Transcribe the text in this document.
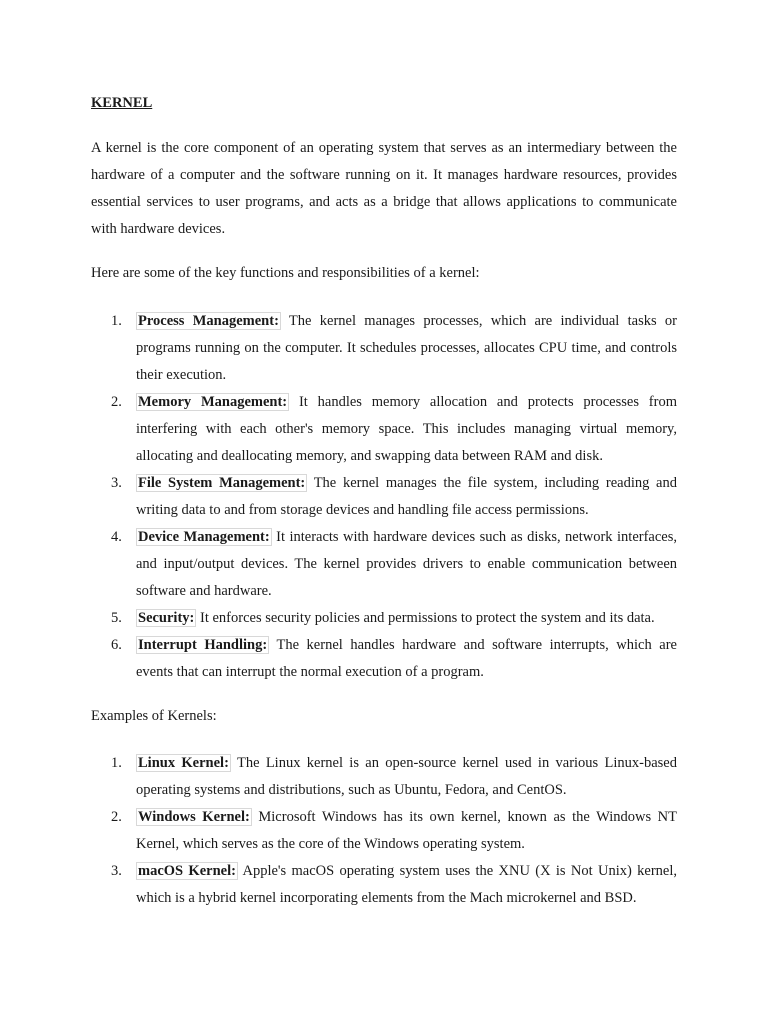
KERNEL

A kernel is the core component of an operating system that serves as an intermediary between the hardware of a computer and the software running on it. It manages hardware resources, provides essential services to user programs, and acts as a bridge that allows applications to communicate with hardware devices.

Here are some of the key functions and responsibilities of a kernel:

1.	Process Management: The kernel manages processes, which are individual tasks or programs running on the computer. It schedules processes, allocates CPU time, and controls their execution.
2.	Memory Management: It handles memory allocation and protects processes from interfering with each other's memory space. This includes managing virtual memory, allocating and deallocating memory, and swapping data between RAM and disk.
3.	File System Management: The kernel manages the file system, including reading and writing data to and from storage devices and handling file access permissions.
4.	Device Management: It interacts with hardware devices such as disks, network interfaces, and input/output devices. The kernel provides drivers to enable communication between software and hardware.
5.	Security: It enforces security policies and permissions to protect the system and its data.
6.	Interrupt Handling: The kernel handles hardware and software interrupts, which are events that can interrupt the normal execution of a program.

Examples of Kernels:

1.	Linux Kernel: The Linux kernel is an open-source kernel used in various Linux-based operating systems and distributions, such as Ubuntu, Fedora, and CentOS.
2.	Windows Kernel: Microsoft Windows has its own kernel, known as the Windows NT Kernel, which serves as the core of the Windows operating system.
3.	macOS Kernel: Apple's macOS operating system uses the XNU (X is Not Unix) kernel, which is a hybrid kernel incorporating elements from the Mach microkernel and BSD.
